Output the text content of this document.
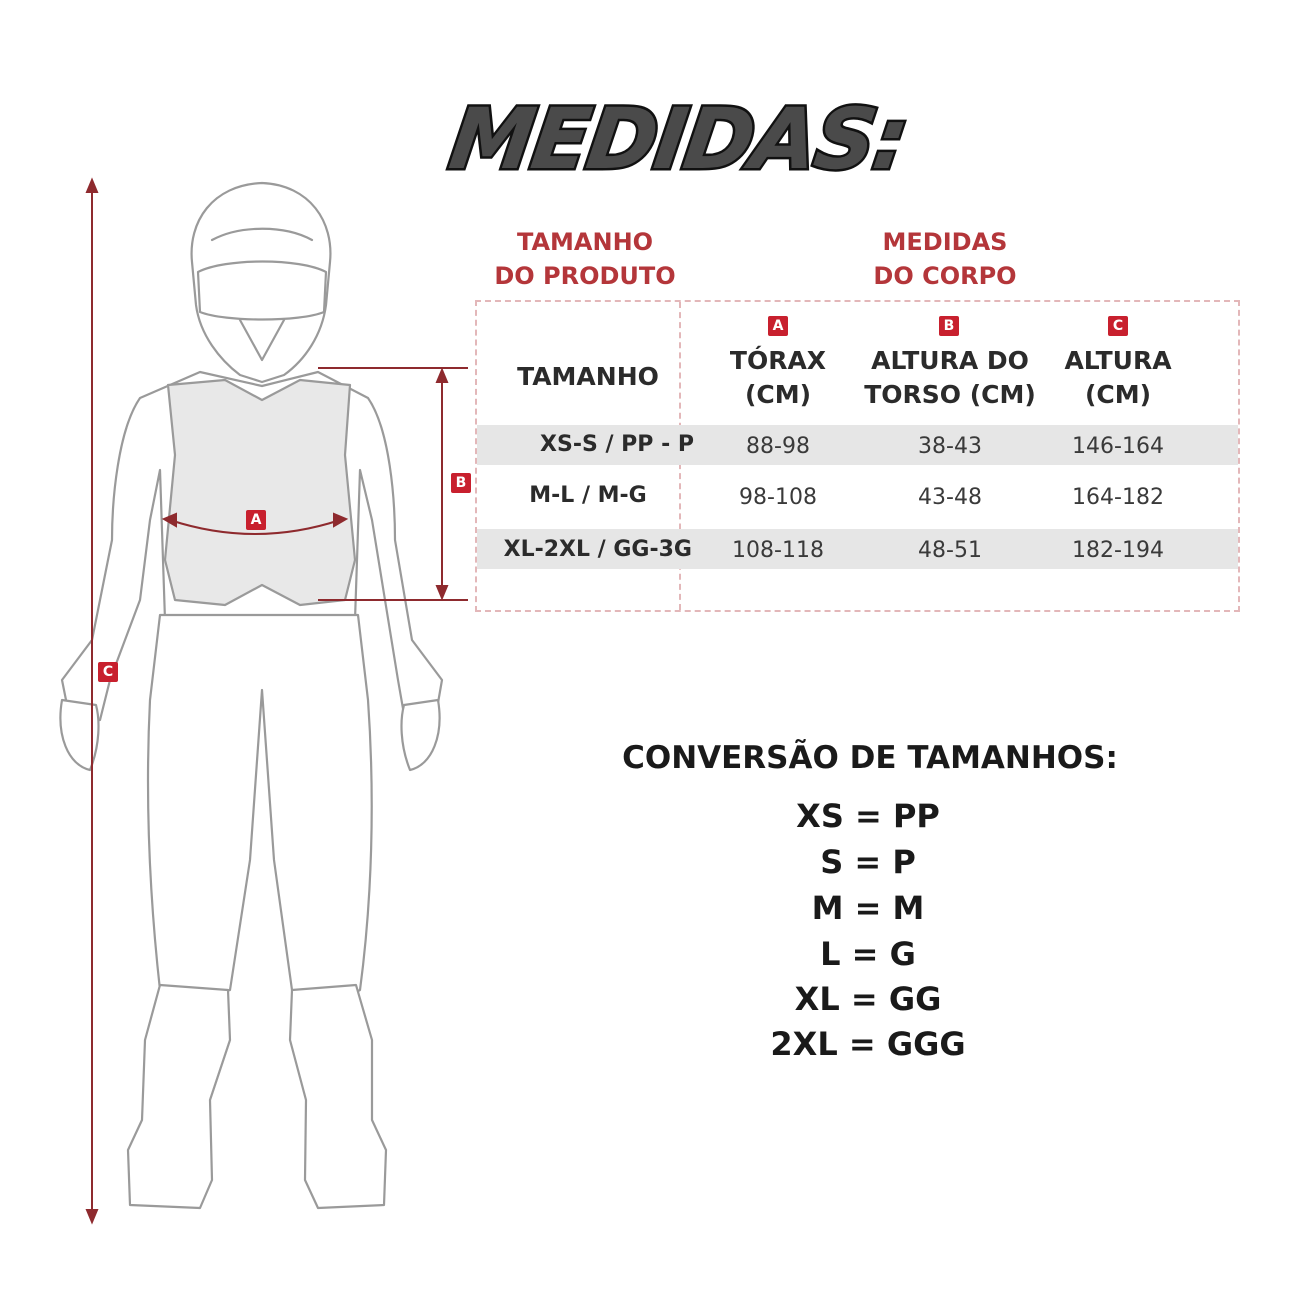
MEDIDAS:
A
B
C
TAMANHO
DO PRODUTO
MEDIDAS
DO CORPO
TAMANHO
A
TÓRAX
(CM)
B
ALTURA DO
TORSO (CM)
C
ALTURA
(CM)
XS-S / PP - P	88-98	38-43	146-164
M-L / M-G	98-108	43-48	164-182
XL-2XL / GG-3G	108-118	48-51	182-194
CONVERSÃO DE TAMANHOS:
XS = PP
S = P
M = M
L = G
XL = GG
2XL = GGG
